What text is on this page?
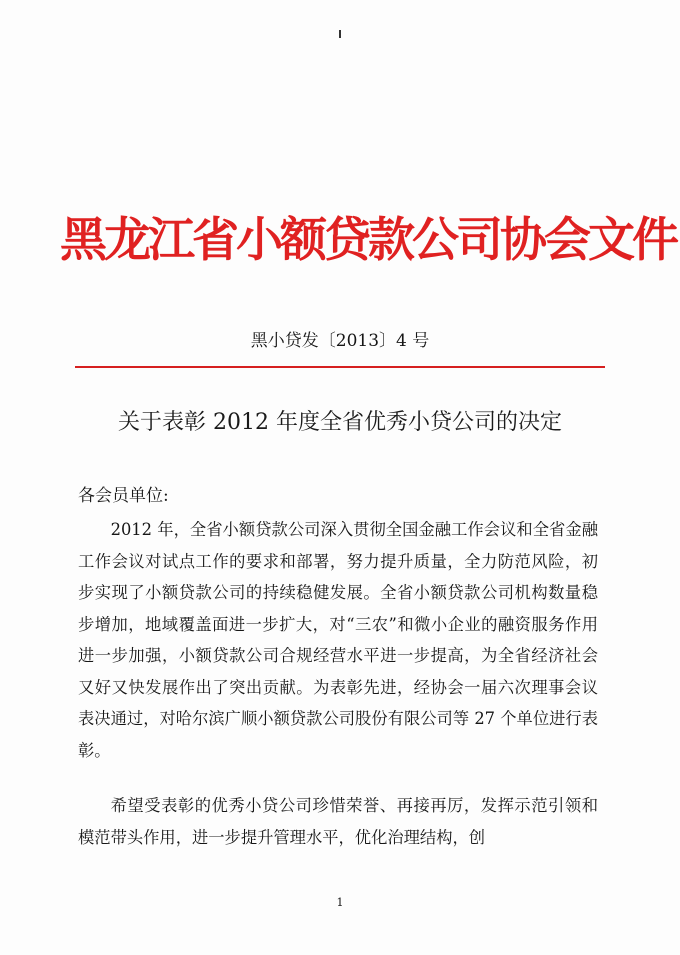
黑龙江省小额贷款公司协会文件
黑小贷发〔2013〕4 号
关于表彰 2012 年度全省优秀小贷公司的决定
各会员单位:

2012 年，全省小额贷款公司深入贯彻全国金融工作会议和全省金融工作会议对试点工作的要求和部署，努力提升质量，全力防范风险，初步实现了小额贷款公司的持续稳健发展。全省小额贷款公司机构数量稳步增加，地域覆盖面进一步扩大，对“三农”和微小企业的融资服务作用进一步加强，小额贷款公司合规经营水平进一步提高，为全省经济社会又好又快发展作出了突出贡献。为表彰先进，经协会一届六次理事会议表决通过，对哈尔滨广顺小额贷款公司股份有限公司等 27 个单位进行表彰。

希望受表彰的优秀小贷公司珍惜荣誉、再接再厉，发挥示范引领和模范带头作用，进一步提升管理水平，优化治理结构，创

1
